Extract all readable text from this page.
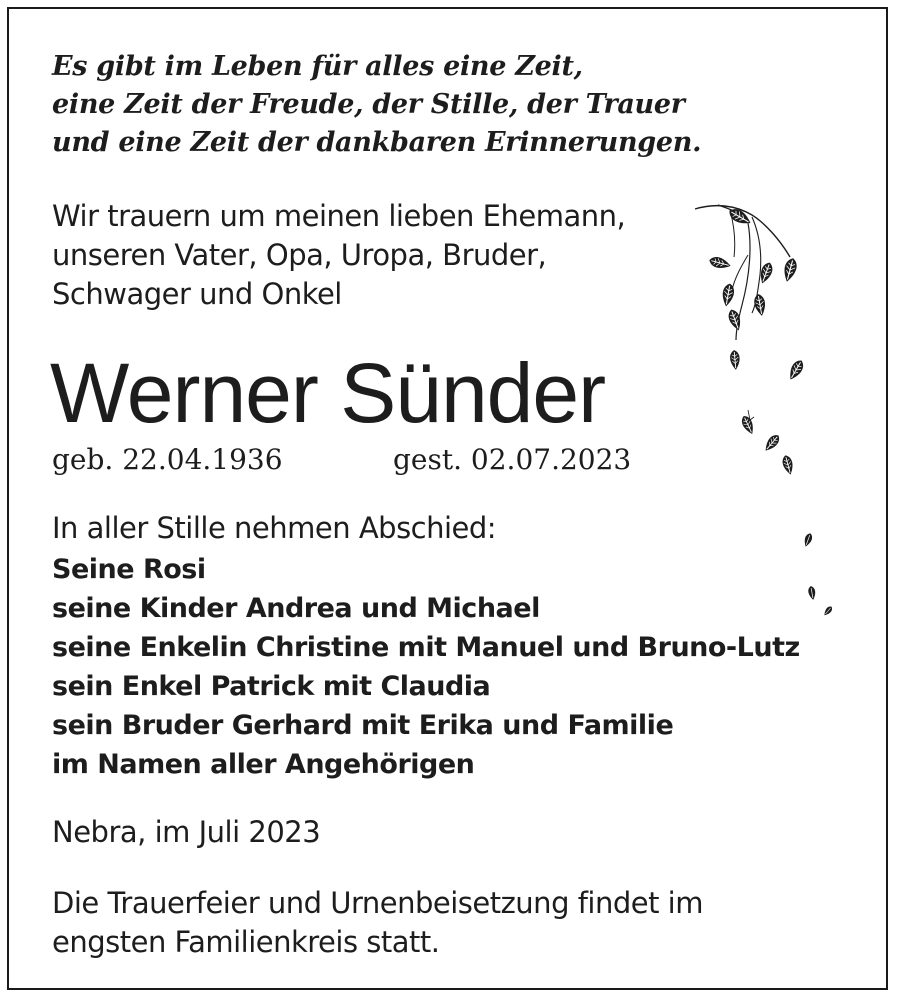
Es gibt im Leben für alles eine Zeit,
eine Zeit der Freude, der Stille, der Trauer
und eine Zeit der dankbaren Erinnerungen.
Wir trauern um meinen lieben Ehemann,
unseren Vater, Opa, Uropa, Bruder,
Schwager und Onkel
Werner Sünder
geb. 22.04.1936	gest. 02.07.2023
In aller Stille nehmen Abschied:
Seine Rosi
seine Kinder Andrea und Michael
seine Enkelin Christine mit Manuel und Bruno-Lutz
sein Enkel Patrick mit Claudia
sein Bruder Gerhard mit Erika und Familie
im Namen aller Angehörigen
Nebra, im Juli 2023
Die Trauerfeier und Urnenbeisetzung findet im
engsten Familienkreis statt.
